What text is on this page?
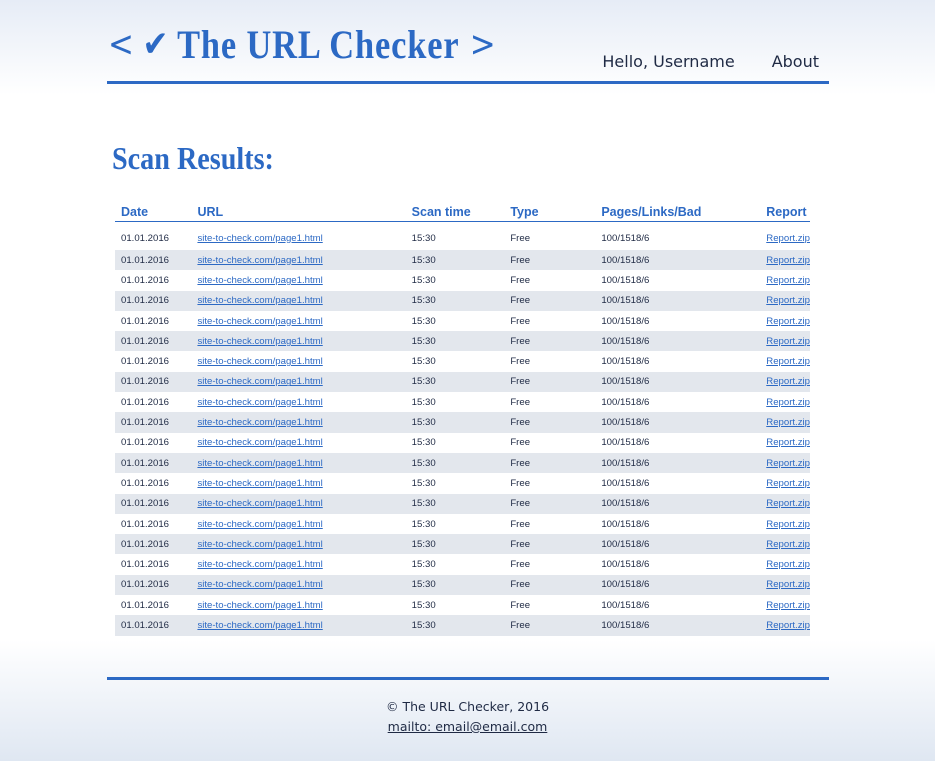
< ✔ The URL Checker >

	Hello, Username About
Scan Results:
Date	URL	Scan time	Type	Pages/Links/Bad	Report
01.01.2016	site-to-check.com/page1.html	15:30	Free	100/1518/6	Report.zip
01.01.2016	site-to-check.com/page1.html	15:30	Free	100/1518/6	Report.zip
01.01.2016	site-to-check.com/page1.html	15:30	Free	100/1518/6	Report.zip
01.01.2016	site-to-check.com/page1.html	15:30	Free	100/1518/6	Report.zip
01.01.2016	site-to-check.com/page1.html	15:30	Free	100/1518/6	Report.zip
01.01.2016	site-to-check.com/page1.html	15:30	Free	100/1518/6	Report.zip
01.01.2016	site-to-check.com/page1.html	15:30	Free	100/1518/6	Report.zip
01.01.2016	site-to-check.com/page1.html	15:30	Free	100/1518/6	Report.zip
01.01.2016	site-to-check.com/page1.html	15:30	Free	100/1518/6	Report.zip
01.01.2016	site-to-check.com/page1.html	15:30	Free	100/1518/6	Report.zip
01.01.2016	site-to-check.com/page1.html	15:30	Free	100/1518/6	Report.zip
01.01.2016	site-to-check.com/page1.html	15:30	Free	100/1518/6	Report.zip
01.01.2016	site-to-check.com/page1.html	15:30	Free	100/1518/6	Report.zip
01.01.2016	site-to-check.com/page1.html	15:30	Free	100/1518/6	Report.zip
01.01.2016	site-to-check.com/page1.html	15:30	Free	100/1518/6	Report.zip
01.01.2016	site-to-check.com/page1.html	15:30	Free	100/1518/6	Report.zip
01.01.2016	site-to-check.com/page1.html	15:30	Free	100/1518/6	Report.zip
01.01.2016	site-to-check.com/page1.html	15:30	Free	100/1518/6	Report.zip
01.01.2016	site-to-check.com/page1.html	15:30	Free	100/1518/6	Report.zip
01.01.2016	site-to-check.com/page1.html	15:30	Free	100/1518/6	Report.zip
© The URL Checker, 2016
mailto: email@email.com
